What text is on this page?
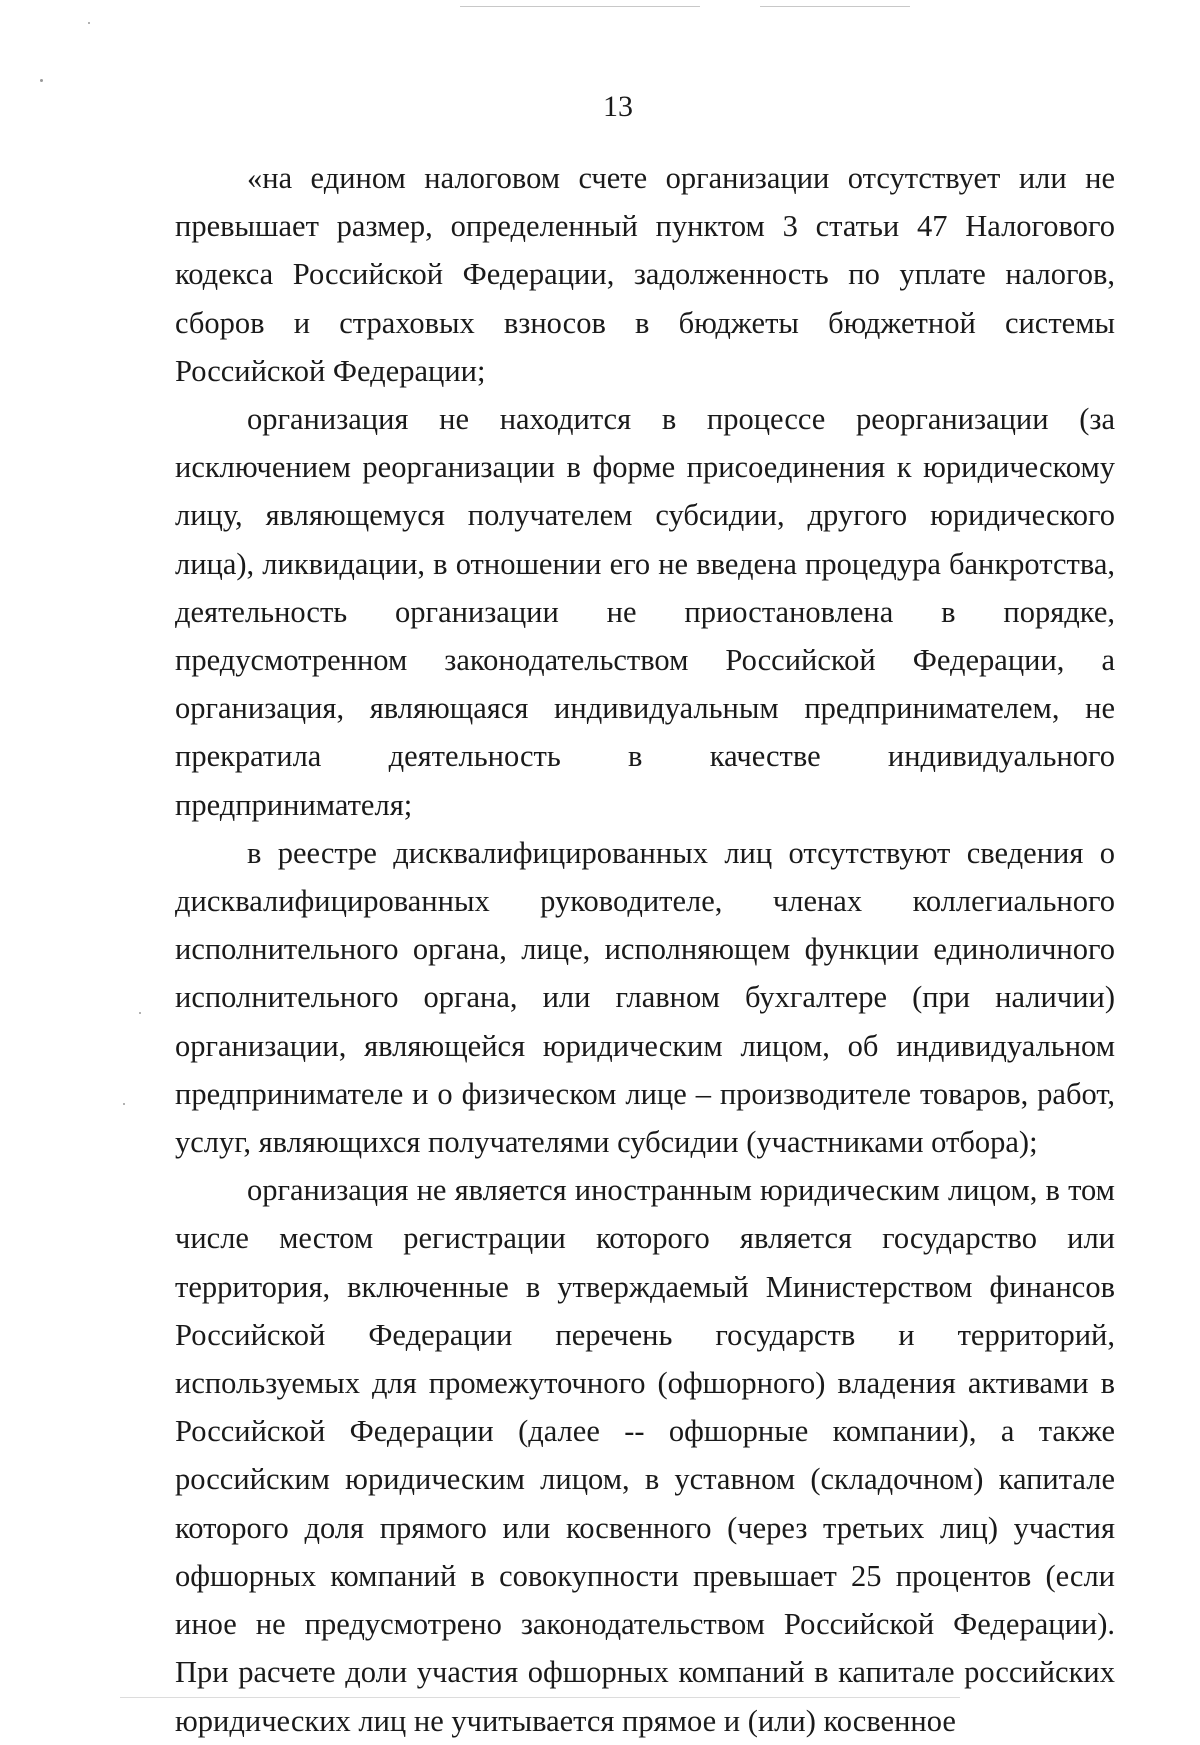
13

«на едином налоговом счете организации отсутствует или не превышает размер, определенный пунктом 3 статьи 47 Налогового кодекса Российской Федерации, задолженность по уплате налогов, сборов и страховых взносов в бюджеты бюджетной системы Российской Федерации;

организация не находится в процессе реорганизации (за исключением реорганизации в форме присоединения к юридическому лицу, являющемуся получателем субсидии, другого юридического лица), ликвидации, в отношении его не введена процедура банкротства, деятельность организации не приостановлена в порядке, предусмотренном законодательством Российской Федерации, а организация, являющаяся индивидуальным предпринимателем, не прекратила деятельность в качестве индивидуального предпринимателя;

в реестре дисквалифицированных лиц отсутствуют сведения о дисквалифицированных руководителе, членах коллегиального исполнительного органа, лице, исполняющем функции единоличного исполнительного органа, или главном бухгалтере (при наличии) организации, являющейся юридическим лицом, об индивидуальном предпринимателе и о физическом лице – производителе товаров, работ, услуг, являющихся получателями субсидии (участниками отбора);

организация не является иностранным юридическим лицом, в том числе местом регистрации которого является государство или территория, включенные в утверждаемый Министерством финансов Российской Федерации перечень государств и территорий, используемых для промежуточного (офшорного) владения активами в Российской Федерации (далее -- офшорные компании), а также российским юридическим лицом, в уставном (складочном) капитале которого доля прямого или косвенного (через третьих лиц) участия офшорных компаний в совокупности превышает 25 процентов (если иное не предусмотрено законодательством Российской Федерации). При расчете доли участия офшорных компаний в капитале российских юридических лиц не учитывается прямое и (или) косвенное
